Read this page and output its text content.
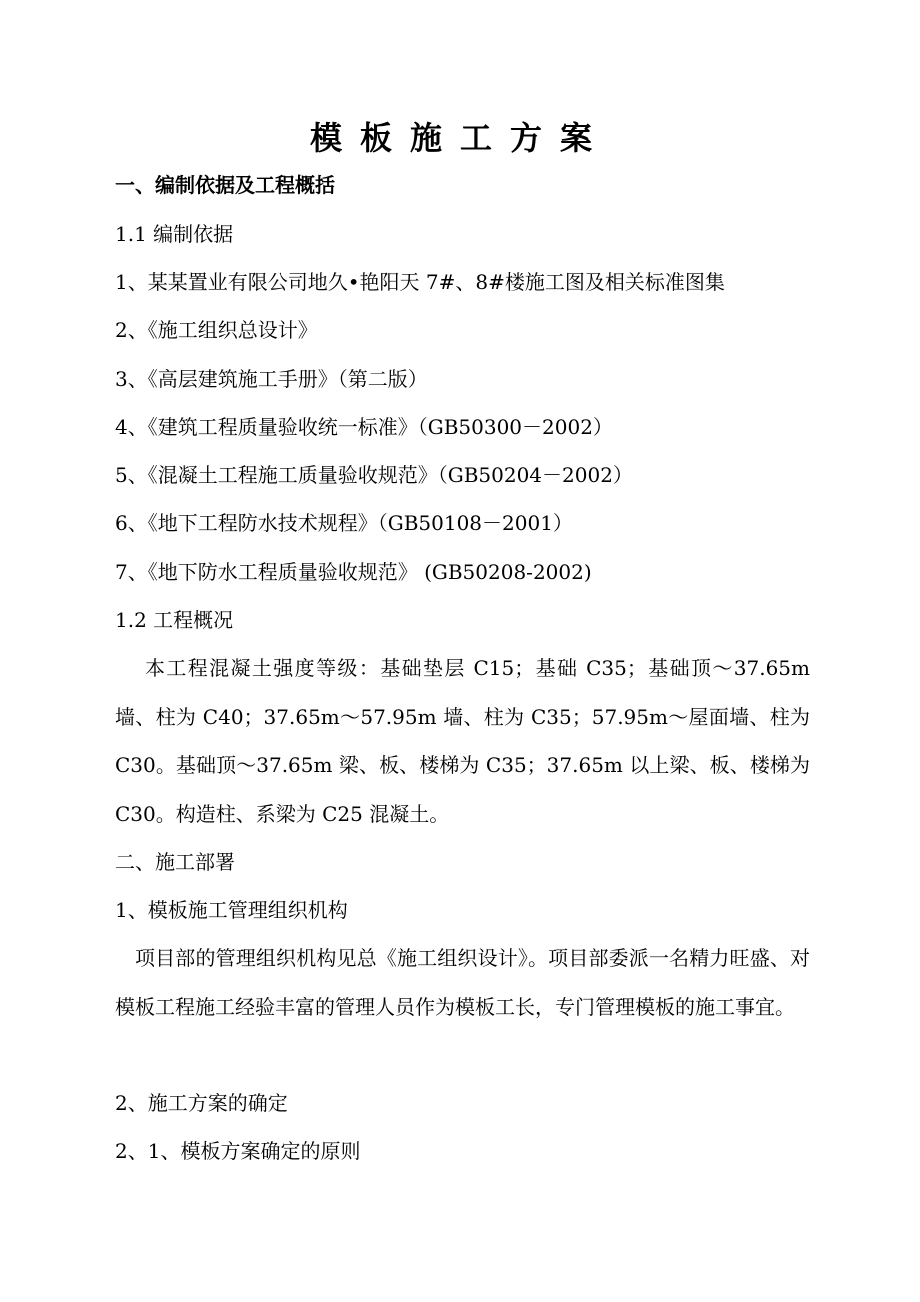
模板施工方案
一、编制依据及工程概括
1.1 编制依据
1、某某置业有限公司地久•艳阳天 7#、8#楼施工图及相关标准图集
2、《施工组织总设计》
3、《高层建筑施工手册》（第二版）
4、《建筑工程质量验收统一标准》（GB50300－2002）
5、《混凝土工程施工质量验收规范》（GB50204－2002）
6、《地下工程防水技术规程》（GB50108－2001）
7、《地下防水工程质量验收规范》 (GB50208-2002)
1.2 工程概况
本工程混凝土强度等级：基础垫层 C15；基础 C35；基础顶～37.65m 墙、柱为 C40；37.65m～57.95m 墙、柱为 C35；57.95m～屋面墙、柱为 C30。基础顶～37.65m 梁、板、楼梯为 C35；37.65m 以上梁、板、楼梯为 C30。构造柱、系梁为 C25 混凝土。
二、施工部署
1、模板施工管理组织机构
项目部的管理组织机构见总《施工组织设计》。项目部委派一名精力旺盛、对模板工程施工经验丰富的管理人员作为模板工长，专门管理模板的施工事宜。
2、施工方案的确定
2、1、模板方案确定的原则
